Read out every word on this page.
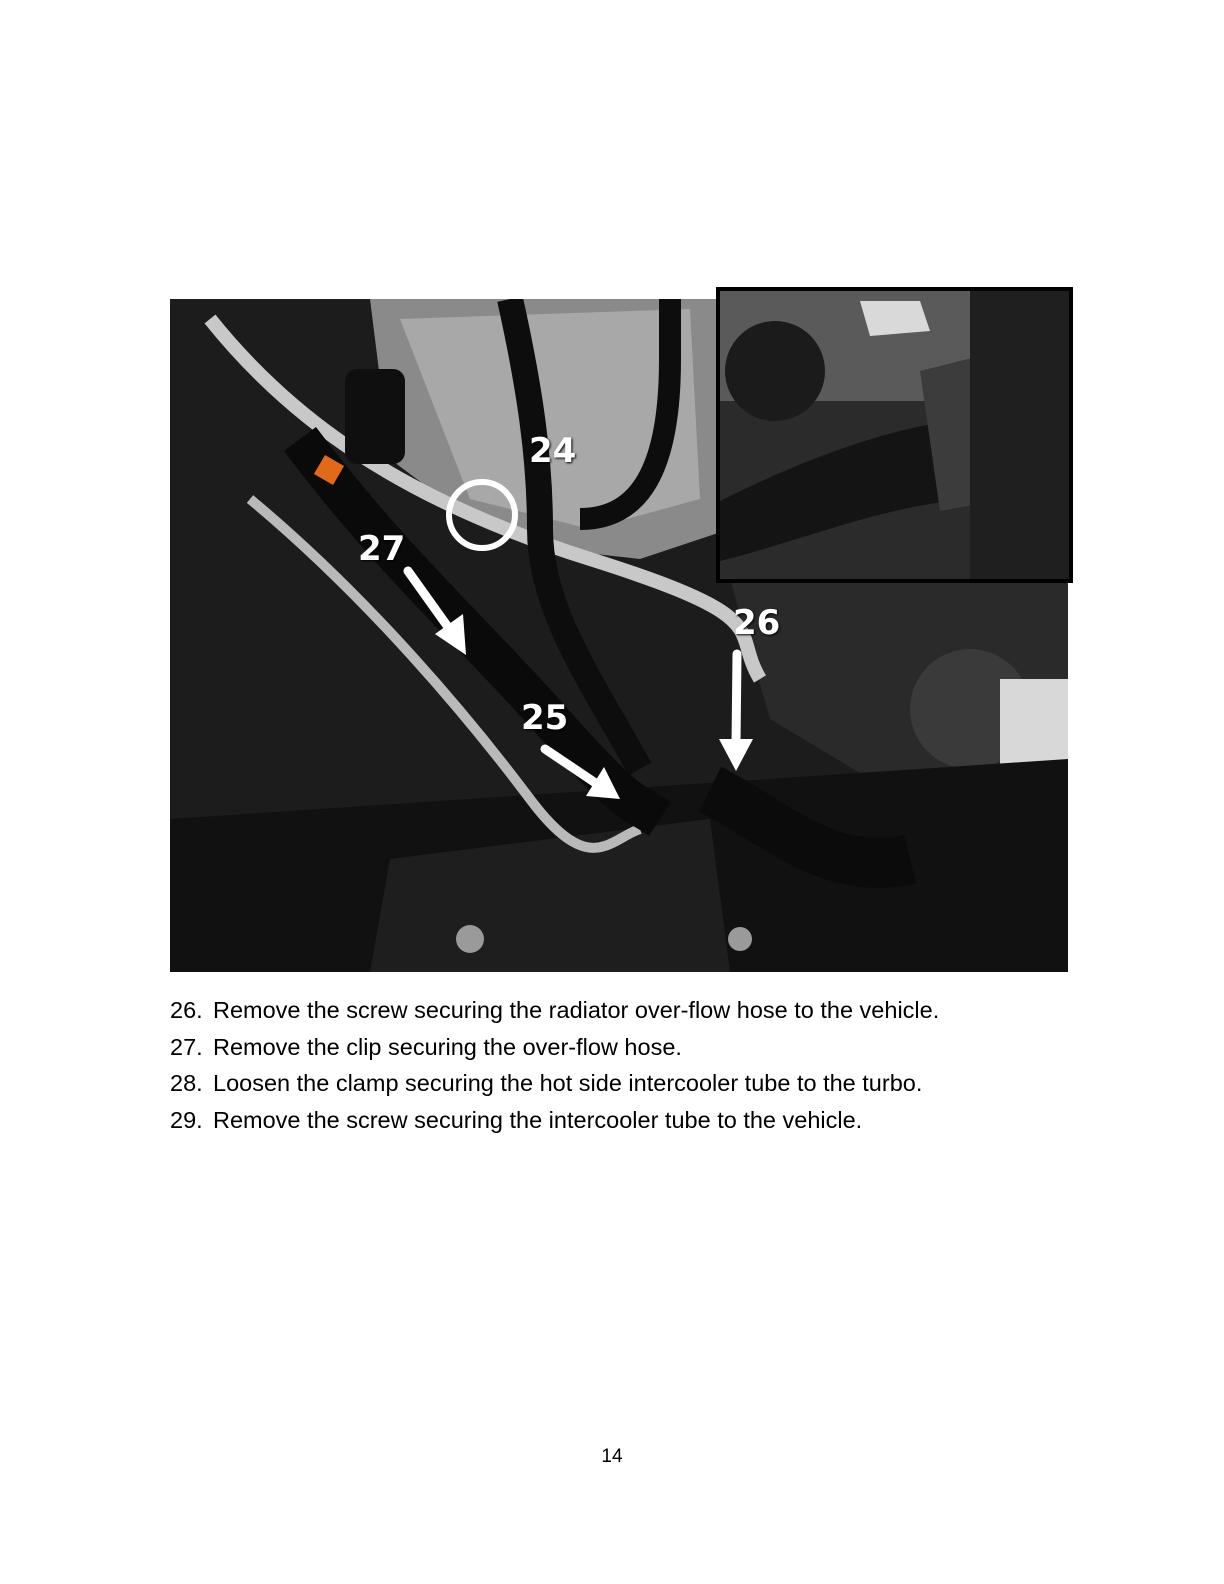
24
27
26
25
26. Remove the screw securing the radiator over-flow hose to the vehicle.
27. Remove the clip securing the over-flow hose.
28. Loosen the clamp securing the hot side intercooler tube to the turbo.
29. Remove the screw securing the intercooler tube to the vehicle.
14
